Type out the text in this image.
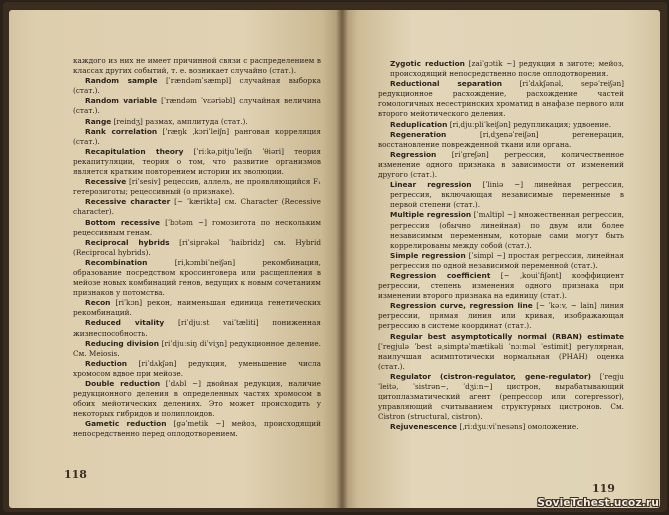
каждого из них не имеет причинной связи с распределением в классах других событий, т. е. возникает случайно (стат.).

Random sample [ˈrændəmˈsæmpl] случайная выборка (стат.).

Random variable [ˈrændəm ˈvɛəriəbl] случайная величина (стат.).

Range [reindʒ] размах, амплитуда (стат.).

Rank correlation [ˈræŋk ˌkɔriˈleiʃn] ранговая корреляция (стат.).

Recapitulation theory [ˈriːkəˌpitjuˈleiʃn ˈθiəri] теория рекапитуляции, теория о том, что развитие организмов является кратким повторением истории их эволюции.

Recessive [riˈsesiv] рецессив, аллель, не проявляющийся F₁ гетерозиготы; рецессивный (о признаке).

Recessive character [~ ˈkæriktə] см. Character (Recessive character).

Bottom recessive [ˈbɔtəm ~] гомозигота по нескольким рецессивным генам.

Reciprocal hybrids [riˈsiprəkəl ˈhaibridz] см. Hybrid (Reciprocal hybrids).

Recombination	[riˌkɔmbiˈneiʃən] рекомбинация, образование посредством кроссинговера или расщепления в мейозе новых комбинаций генов, ведущих к новым сочетаниям признаков у потомства.

Recon [riˈkɔn] рекон, наименьшая единица генетических рекомбинаций.

Reduced vitality [riˈdjuːst vaiˈtæliti] пониженная жизнеспособность.

Reducing division [riˈdjuːsiŋ diˈviʒn] редукционное деление. См. Meiosis.

Reduction [riˈdʌkʃən] редукция, уменьшение числа хромосом вдвое при мейозе.

Double reduction [ˈdʌbl ~] двойная редукция, наличие редукционного деления в определенных частях хромосом в обоих мейотических делениях. Это может происходить у некоторых гибридов и полиплоидов.

Gametic reduction [gəˈmetik ~] мейоз, происходящий непосредственно перед оплодотворением.

118

Zygotic reduction [zaiˈgɔtik ~] редукция в зиготе; мейоз, происходящий непосредственно после оплодотворения.

Reductional separation [riˈdʌkʃənəl, sepəˈreiʃən] редукционное расхождение, расхождение частей гомологичных несестринских хроматид в анафазе первого или второго мейотического деления.

Reduplication [riˌdjuːpliˈkeiʃən] редупликация; удвоение.

Regeneration	[riˌdʒenəˈreiʃən] регенерация, восстановление поврежденной ткани или органа.

Regression [riˈgreʃən] регрессия, количественное изменение одного признака в зависимости от изменений другого (стат.).

Linear regression [ˈliniə ~] линейная регрессия, регрессия, включающая независимые переменные в первой степени (стат.).

Multiple regression [ˈmʌltipl ~] множественная регрессия, регрессия (обычно линейная) по двум или более независимым переменным, которые сами могут быть коррелированы между собой (стат.).

Simple regression [ˈsimpl ~] простая регрессия, линейная регрессия по одной независимой переменной (стат.).

Regression coefficient [~ ˌkouiˈfiʃənt] коэффициент регрессии, степень изменения одного признака при изменении второго признака на единицу (стат.).

Regression curve, regression line [~ ˈkəːv, ~ lain] линия регрессии, прямая линия или кривая, изображающая регрессию в системе координат (стат.).

Regular best asymptotically normal (RBAN) estimate [ˈregjulə ˈbest əˌsimptəˈmætikəli ˈnɔːməl ˈestimit] регулярная, наилучшая асимптотически нормальная (РНАН) оценка (стат.).

Regulator (cistron-regulator, gene-regulator) [ˈregjuˈleitə, ˈsistrən~, ˈdʒiːn~] цистрон, вырабатывающий цитоплазматический агент (репрессор или corepressor), управляющий считыванием структурных цистронов. См. Cistron (structural, cistron).

Rejuvenescence [ˌriːdʒuːviˈnesəns] омоложение.

119
SovieTchest.ucoz.ru
